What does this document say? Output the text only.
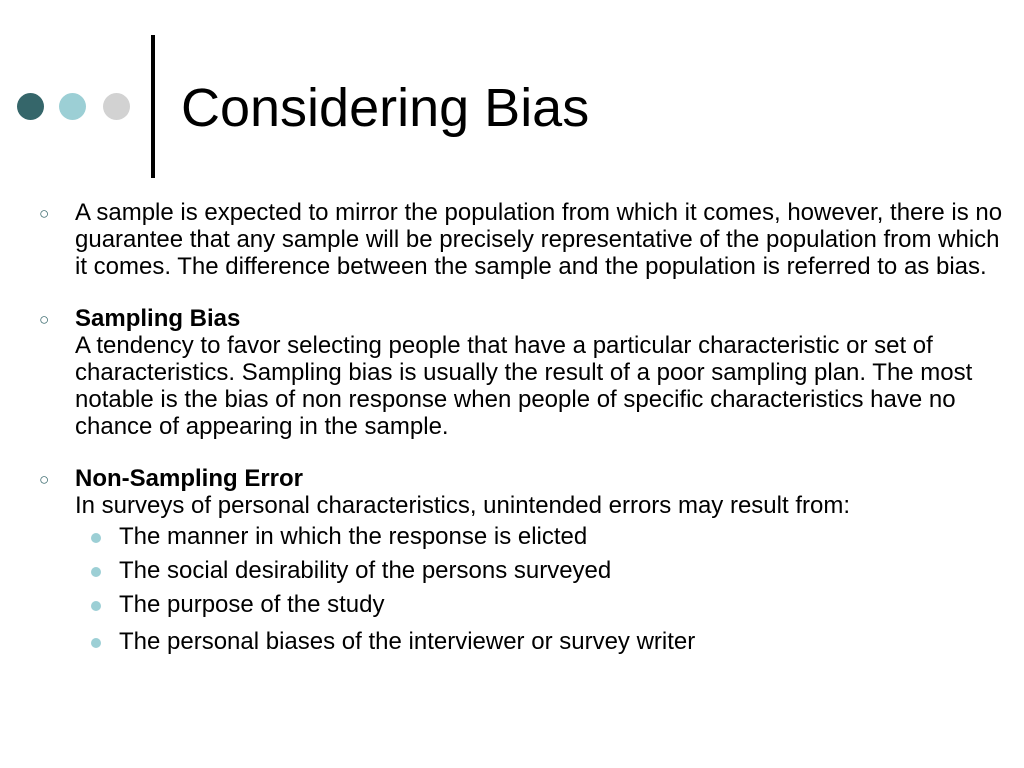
Considering Bias
○ A sample is expected to mirror the population from which it comes, however, there is no guarantee that any sample will be precisely representative of the population from which it comes. The difference between the sample and the population is referred to as bias.
○ Sampling Bias
A tendency to favor selecting people that have a particular characteristic or set of characteristics. Sampling bias is usually the result of a poor sampling plan. The most notable is the bias of non response when people of specific characteristics have no chance of appearing in the sample.
○ Non-Sampling Error
In surveys of personal characteristics, unintended errors may result from:
The manner in which the response is elicted
The social desirability of the persons surveyed
The purpose of the study
The personal biases of the interviewer or survey writer
